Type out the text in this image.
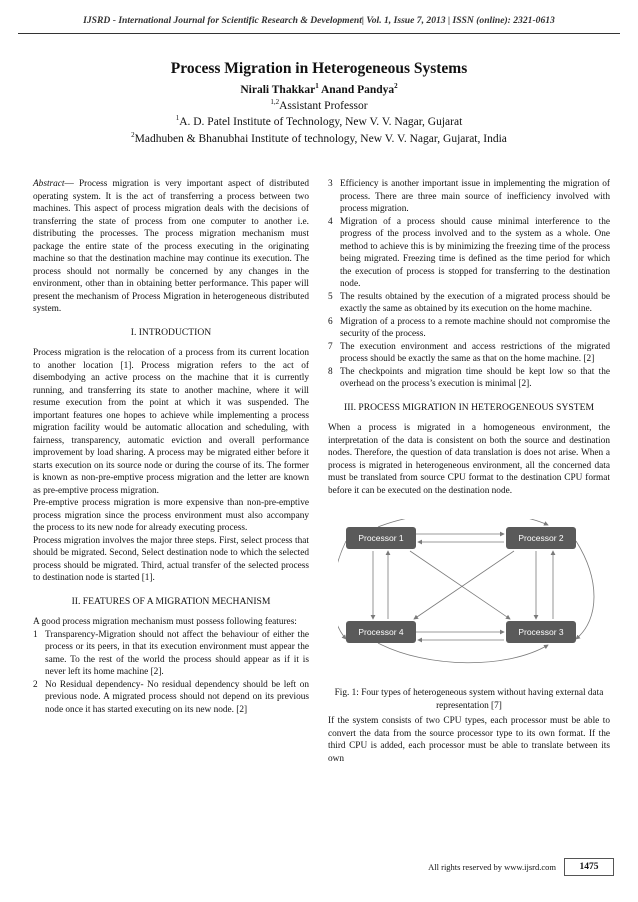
IJSRD - International Journal for Scientific Research & Development| Vol. 1, Issue 7, 2013 | ISSN (online): 2321-0613
Process Migration in Heterogeneous Systems
Nirali Thakkar$^1$ Anand Pandya$^2$
$^{1,2}$Assistant Professor
$^1$A. D. Patel Institute of Technology, New V. V. Nagar, Gujarat
$^2$Madhuben & Bhanubhai Institute of technology, New V. V. Nagar, Gujarat, India

Abstract— Process migration is very important aspect of distributed operating system. It is the act of transferring a process between two machines. This aspect of process migration deals with the decisions of transferring the state of process from one computer to another i.e. distributing the processes. The process migration mechanism must package the entire state of the process executing in the originating machine so that the destination machine may continue its execution. The process should not normally be concerned by any changes in the environment, other than in obtaining better performance. This paper will present the mechanism of Process Migration in heterogeneous distributed system.

I. INTRODUCTION

Process migration is the relocation of a process from its current location to another location [1]. Process migration refers to the act of disembodying an active process on the machine that it is currently running, and transferring its state to another machine, where it will resume execution from the point at which it was suspended. The important features one hopes to achieve while implementing a process migration facility would be automatic allocation and scheduling, with fairness, transparency, automatic eviction and overall performance improvement by load sharing. A process may be migrated either before it starts execution on its source node or during the course of its. The former is known as non-pre-emptive process migration and the letter are known as pre-emptive process migration.

Pre-emptive process migration is more expensive than non-pre-emptive process migration since the process environment must also accompany the process to its new node for already executing process.

Process migration involves the major three steps. First, select process that should be migrated. Second, Select destination node to which the selected process should be migrated. Third, actual transfer of the selected process to destination node is started [1].

II. FEATURES OF A MIGRATION MECHANISM

A good process migration mechanism must possess following features:

1 Transparency-Migration should not affect the behaviour of either the process or its peers, in that its execution environment must appear the same. To the rest of the world the process should appear as if it is never left its home machine [2].
2 No Residual dependency- No residual dependency should be left on previous node. A migrated process should not depend on its previous node once it has started executing on its new node. [2]
3 Efficiency is another important issue in implementing the migration of process. There are three main source of inefficiency involved with process migration.
4 Migration of a process should cause minimal interference to the progress of the process involved and to the system as a whole. One method to achieve this is by minimizing the freezing time of the process being migrated. Freezing time is defined as the time period for which the execution of process is stopped for transferring to the destination node.
5 The results obtained by the execution of a migrated process should be exactly the same as obtained by its execution on the home machine.
6 Migration of a process to a remote machine should not compromise the security of the process.
7 The execution environment and access restrictions of the migrated process should be exactly the same as that on the home machine. [2]
8 The checkpoints and migration time should be kept low so that the overhead on the process’s execution is minimal [2].
III. PROCESS MIGRATION IN HETEROGENEOUS SYSTEM

When a process is migrated in a homogeneous environment, the interpretation of the data is consistent on both the source and destination nodes. Therefore, the question of data translation is does not arise. When a process is migrated in heterogeneous environment, all the concerned data must be translated from source CPU format to the destination CPU format before it can be executed on the destination node.

Processor 1	Processor 2
Processor 4	Processor 3
Fig. 1: Four types of heterogeneous system without having external data representation [7]

If the system consists of two CPU types, each processor must be able to convert the data from the source processor type to its own format. If the third CPU is added, each processor must be able to translate between its own

All rights reserved by www.ijsrd.com	1475
